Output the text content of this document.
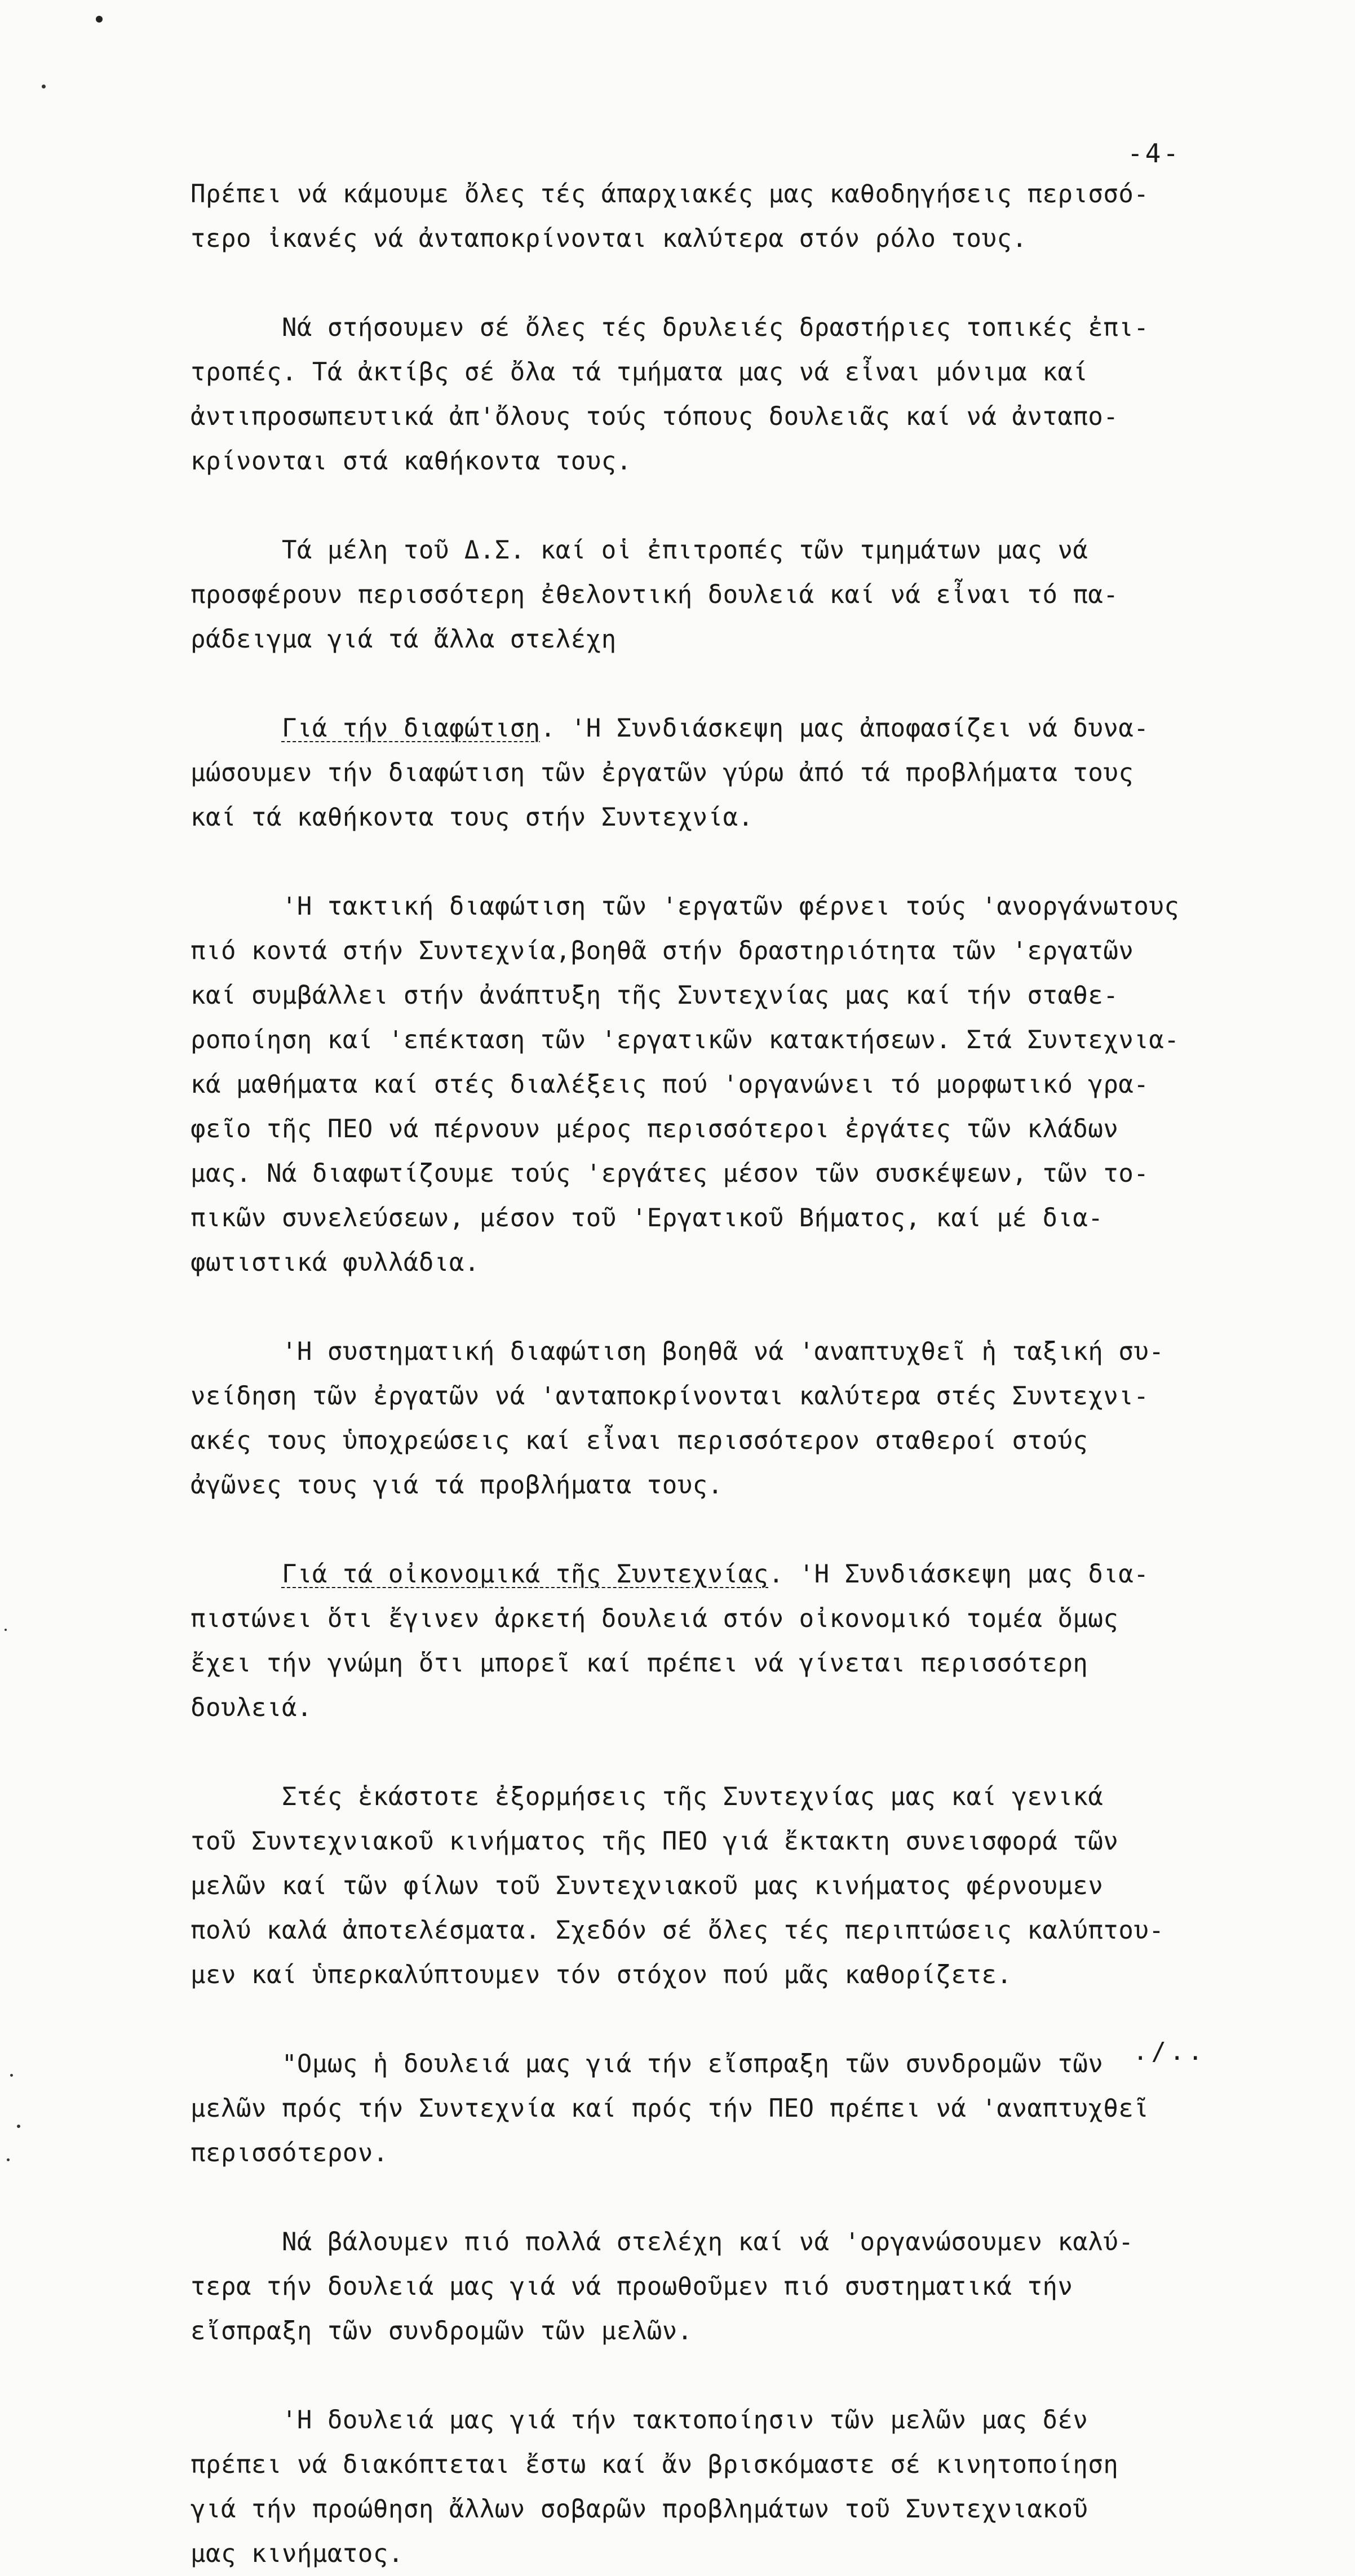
-4-
Πρέπει νά κάμουμε ὄλες τές άπαρχιακές μας καθοδηγήσεις περισσό-
τερο ἰκανές νά ἀνταποκρίνονται καλύτερα στόν ρόλο τους.
Νά στήσουμεν σέ ὄλες τές δρυλειές δραστήριες τοπικές ἐπι-
τροπές. Τά ἀκτίβς σέ ὄλα τά τμήματα μας νά εἶναι μόνιμα καί
ἀντιπροσωπευτικά ἀπ'ὄλους τούς τόπους δουλειᾶς καί νά ἀνταπο-
κρίνονται στά καθήκοντα τους.
Τά μέλη τοῦ Δ.Σ. καί οἱ ἐπιτροπές τῶν τμημάτων μας νά
προσφέρουν περισσότερη ἐθελοντική δουλειά καί νά εἶναι τό πα-
ράδειγμα γιά τά ἄλλα στελέχη
Γιά τήν διαφώτιση. 'Η Συνδιάσκεψη μας ἀποφασίζει νά δυνα-
μώσουμεν τήν διαφώτιση τῶν ἐργατῶν γύρω ἀπό τά προβλήματα τους
καί τά καθήκοντα τους στήν Συντεχνία.
'Η τακτική διαφώτιση τῶν 'εργατῶν φέρνει τούς 'ανοργάνωτους
πιό κοντά στήν Συντεχνία,βοηθᾶ στήν δραστηριότητα τῶν 'εργατῶν
καί συμβάλλει στήν ἀνάπτυξη τῆς Συντεχνίας μας καί τήν σταθε-
ροποίηση καί 'επέκταση τῶν 'εργατικῶν κατακτήσεων. Στά Συντεχνια-
κά μαθήματα καί στές διαλέξεις πού 'οργανώνει τό μορφωτικό γρα-
φεῖο τῆς ΠΕΟ νά πέρνουν μέρος περισσότεροι ἐργάτες τῶν κλάδων
μας. Νά διαφωτίζουμε τούς 'εργάτες μέσον τῶν συσκέψεων, τῶν το-
πικῶν συνελεύσεων, μέσον τοῦ 'Εργατικοῦ Βήματος, καί μέ δια-
φωτιστικά φυλλάδια.
'Η συστηματική διαφώτιση βοηθᾶ νά 'αναπτυχθεῖ ἡ ταξική συ-
νείδηση τῶν ἐργατῶν νά 'ανταποκρίνονται καλύτερα στές Συντεχνι-
ακές τους ὑποχρεώσεις καί εἶναι περισσότερον σταθεροί στούς
ἀγῶνες τους γιά τά προβλήματα τους.
Γιά τά οἰκονομικά τῆς Συντεχνίας. 'Η Συνδιάσκεψη μας δια-
πιστώνει ὅτι ἔγινεν ἀρκετή δουλειά στόν οἰκονομικό τομέα ὅμως
ἔχει τήν γνώμη ὅτι μπορεῖ καί πρέπει νά γίνεται περισσότερη
δουλειά.
Στές ἑκάστοτε ἐξορμήσεις τῆς Συντεχνίας μας καί γενικά
τοῦ Συντεχνιακοῦ κινήματος τῆς ΠΕΟ γιά ἔκτακτη συνεισφορά τῶν
μελῶν καί τῶν φίλων τοῦ Συντεχνιακοῦ μας κινήματος φέρνουμεν
πολύ καλά ἀποτελέσματα. Σχεδόν σέ ὄλες τές περιπτώσεις καλύπτου-
μεν καί ὑπερκαλύπτουμεν τόν στόχον πού μᾶς καθορίζετε.
"Ομως ἡ δουλειά μας γιά τήν εἴσπραξη τῶν συνδρομῶν τῶν
μελῶν πρός τήν Συντεχνία καί πρός τήν ΠΕΟ πρέπει νά 'αναπτυχθεῖ
περισσότερον.
Νά βάλουμεν πιό πολλά στελέχη καί νά 'οργανώσουμεν καλύ-
τερα τήν δουλειά μας γιά νά προωθοῦμεν πιό συστηματικά τήν
εἴσπραξη τῶν συνδρομῶν τῶν μελῶν.
'Η δουλειά μας γιά τήν τακτοποίησιν τῶν μελῶν μας δέν
πρέπει νά διακόπτεται ἔστω καί ἄν βρισκόμαστε σέ κινητοποίηση
γιά τήν προώθηση ἄλλων σοβαρῶν προβλημάτων τοῦ Συντεχνιακοῦ
μας κινήματος.
./..
